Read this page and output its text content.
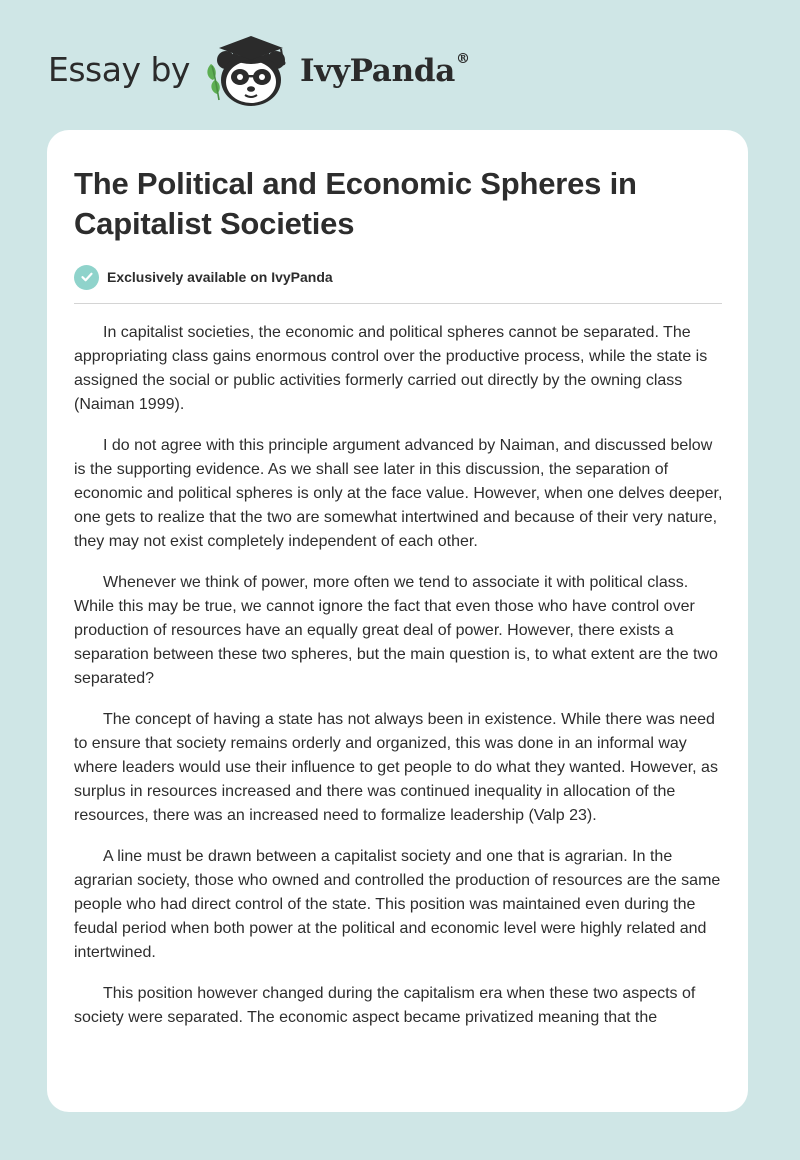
Essay by	IvyPanda®
The Political and Economic Spheres in Capitalist Societies
Exclusively available on IvyPanda

In capitalist societies, the economic and political spheres cannot be separated. The appropriating class gains enormous control over the productive process, while the state is assigned the social or public activities formerly carried out directly by the owning class (Naiman 1999).

I do not agree with this principle argument advanced by Naiman, and discussed below is the supporting evidence. As we shall see later in this discussion, the separation of economic and political spheres is only at the face value. However, when one delves deeper, one gets to realize that the two are somewhat intertwined and because of their very nature, they may not exist completely independent of each other.

Whenever we think of power, more often we tend to associate it with political class. While this may be true, we cannot ignore the fact that even those who have control over production of resources have an equally great deal of power. However, there exists a separation between these two spheres, but the main question is, to what extent are the two separated?

The concept of having a state has not always been in existence. While there was need to ensure that society remains orderly and organized, this was done in an informal way where leaders would use their influence to get people to do what they wanted. However, as surplus in resources increased and there was continued inequality in allocation of the resources, there was an increased need to formalize leadership (Valp 23).

A line must be drawn between a capitalist society and one that is agrarian. In the agrarian society, those who owned and controlled the production of resources are the same people who had direct control of the state. This position was maintained even during the feudal period when both power at the political and economic level were highly related and intertwined.

This position however changed during the capitalism era when these two aspects of society were separated. The economic aspect became privatized meaning that the
